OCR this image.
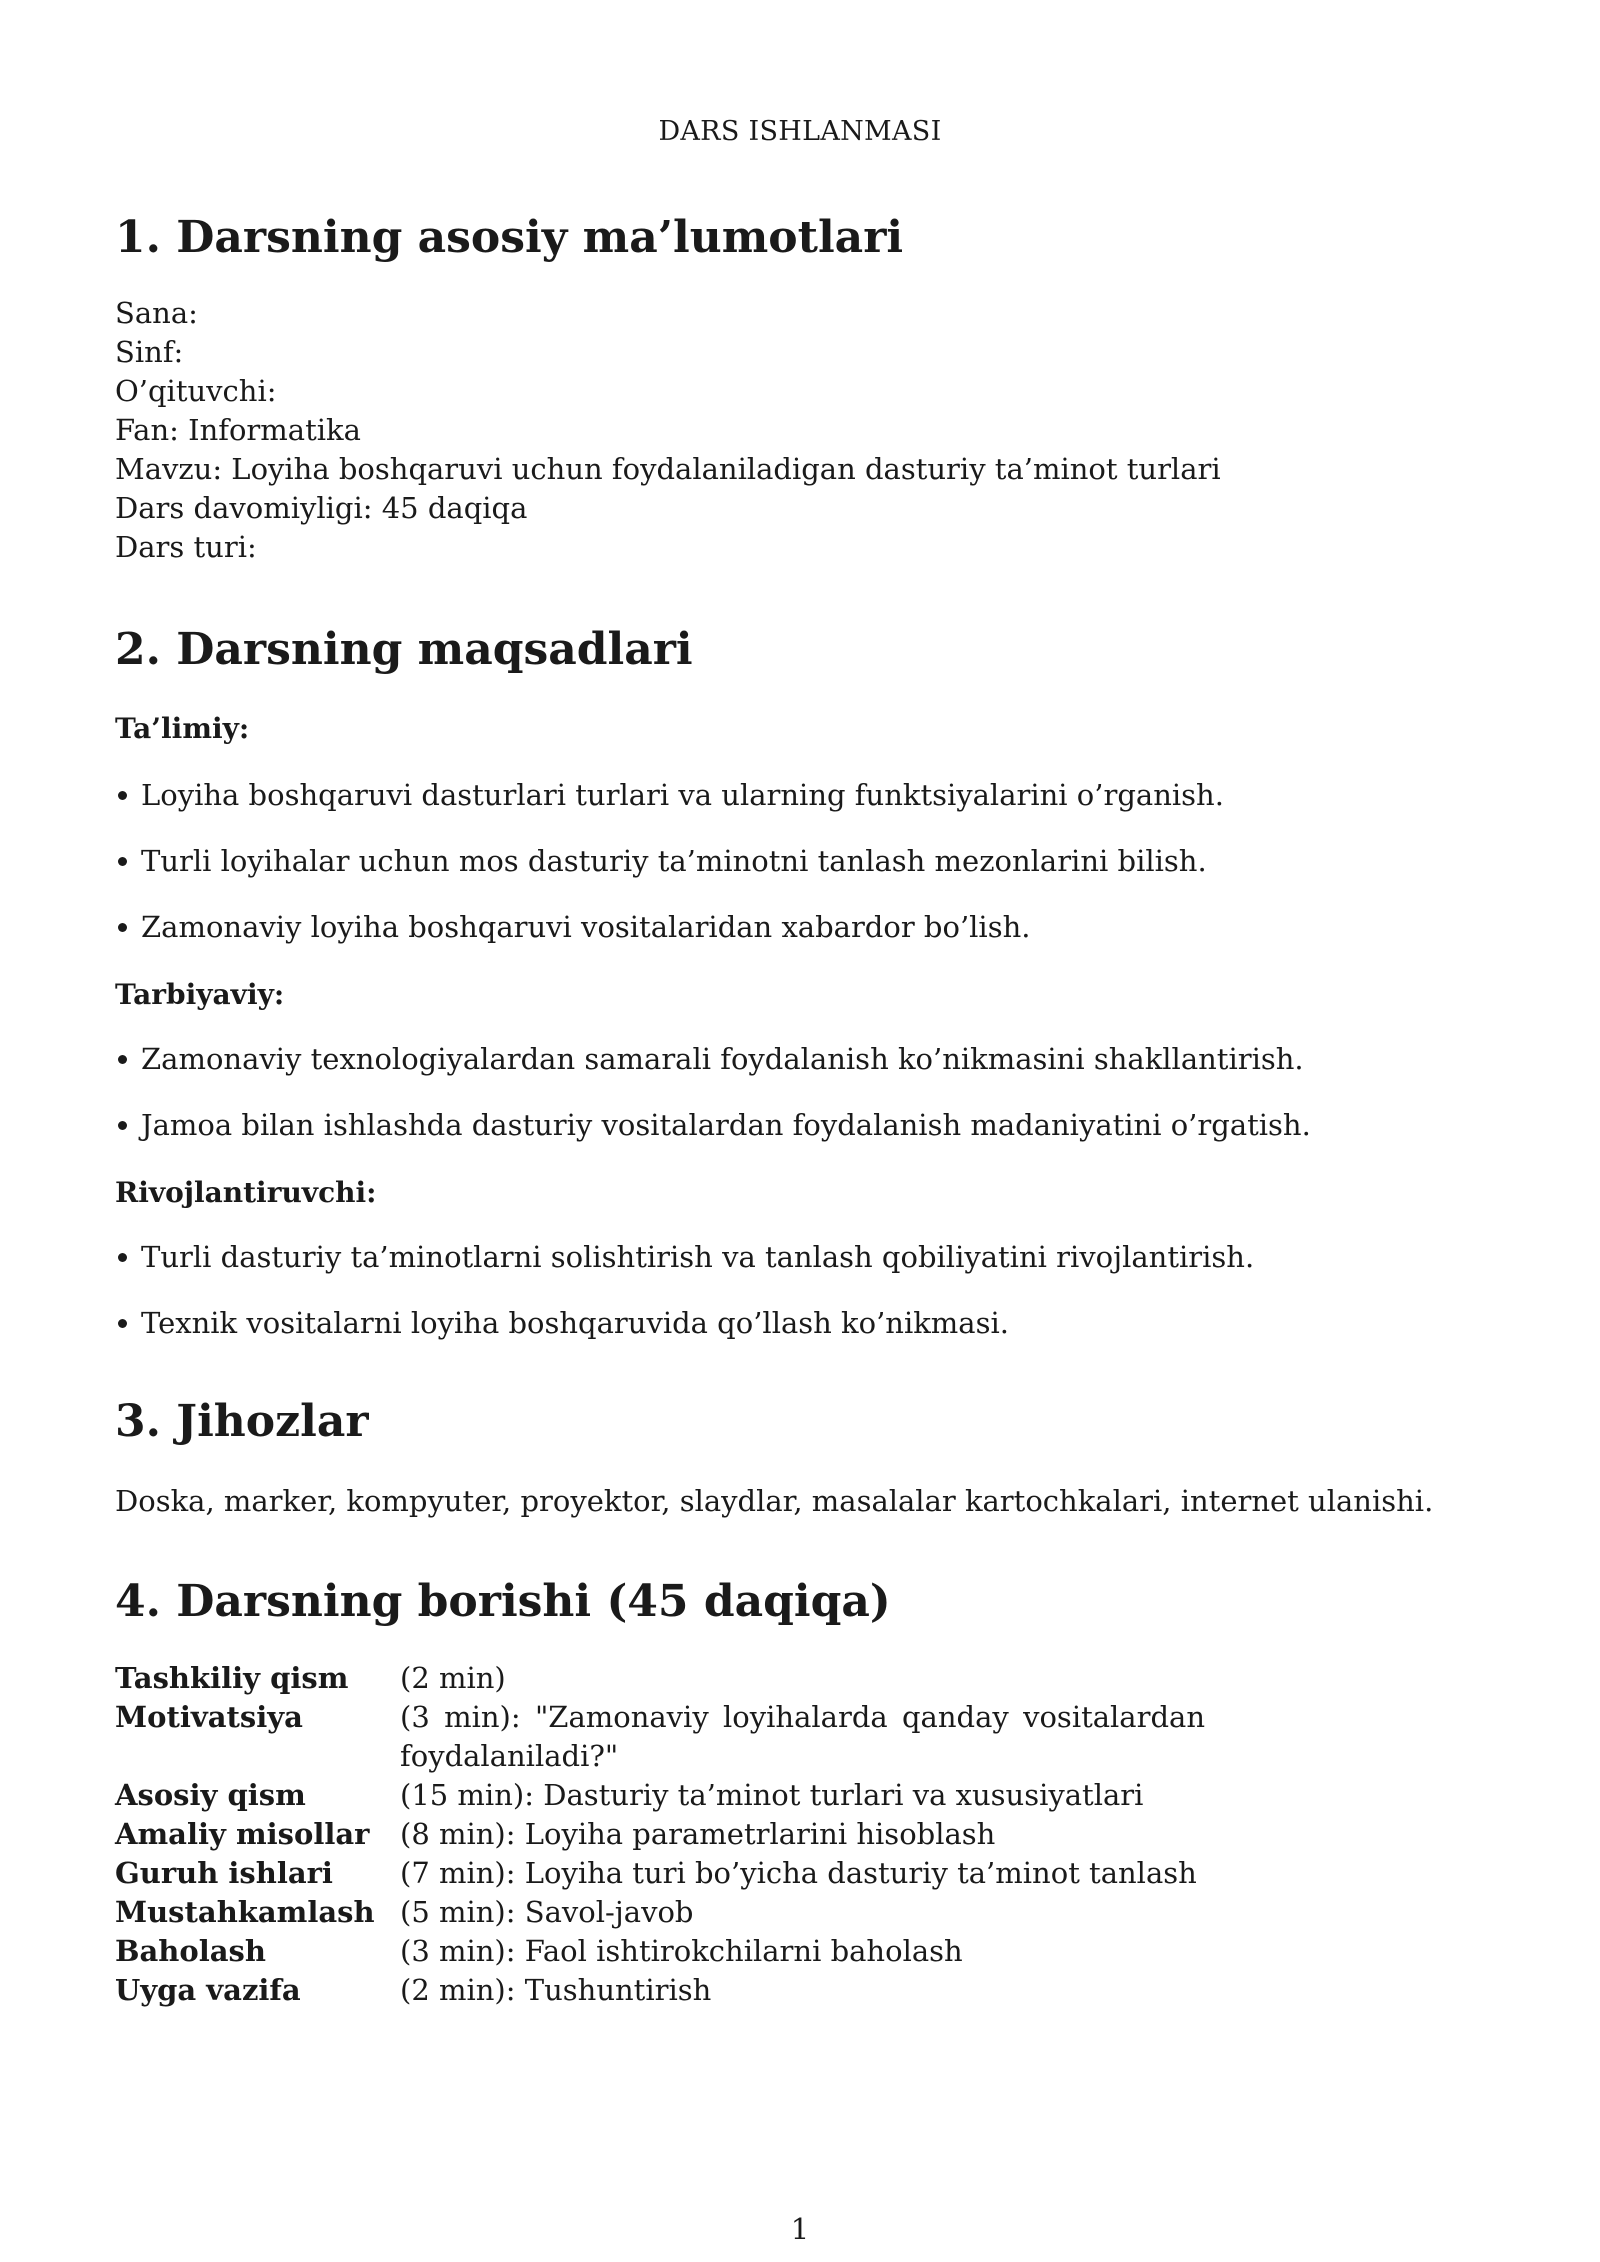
DARS ISHLANMASI
1. Darsning asosiy ma’lumotlari
Sana:
Sinf:
O’qituvchi:
Fan: Informatika
Mavzu: Loyiha boshqaruvi uchun foydalaniladigan dasturiy ta’minot turlari
Dars davomiyligi: 45 daqiqa
Dars turi:
2. Darsning maqsadlari
Ta’limiy:
Loyiha boshqaruvi dasturlari turlari va ularning funktsiyalarini o’rganish.
Turli loyihalar uchun mos dasturiy ta’minotni tanlash mezonlarini bilish.
Zamonaviy loyiha boshqaruvi vositalaridan xabardor bo’lish.
Tarbiyaviy:
Zamonaviy texnologiyalardan samarali foydalanish ko’nikmasini shakllantirish.
Jamoa bilan ishlashda dasturiy vositalardan foydalanish madaniyatini o’rgatish.
Rivojlantiruvchi:
Turli dasturiy ta’minotlarni solishtirish va tanlash qobiliyatini rivojlantirish.
Texnik vositalarni loyiha boshqaruvida qo’llash ko’nikmasi.
3. Jihozlar
Doska, marker, kompyuter, proyektor, slaydlar, masalalar kartochkalari, internet ulanishi.
4. Darsning borishi (45 daqiqa)
Tashkiliy qism	(2 min)
Motivatsiya	(3 min): "Zamonaviy loyihalarda qanday vositalardan foydalaniladi?"
Asosiy qism	(15 min): Dasturiy ta’minot turlari va xususiyatlari
Amaliy misollar	(8 min): Loyiha parametrlarini hisoblash
Guruh ishlari	(7 min): Loyiha turi bo’yicha dasturiy ta’minot tanlash
Mustahkamlash (5 min): Savol-javob
Baholash	(3 min): Faol ishtirokchilarni baholash
Uyga vazifa	(2 min): Tushuntirish
1
